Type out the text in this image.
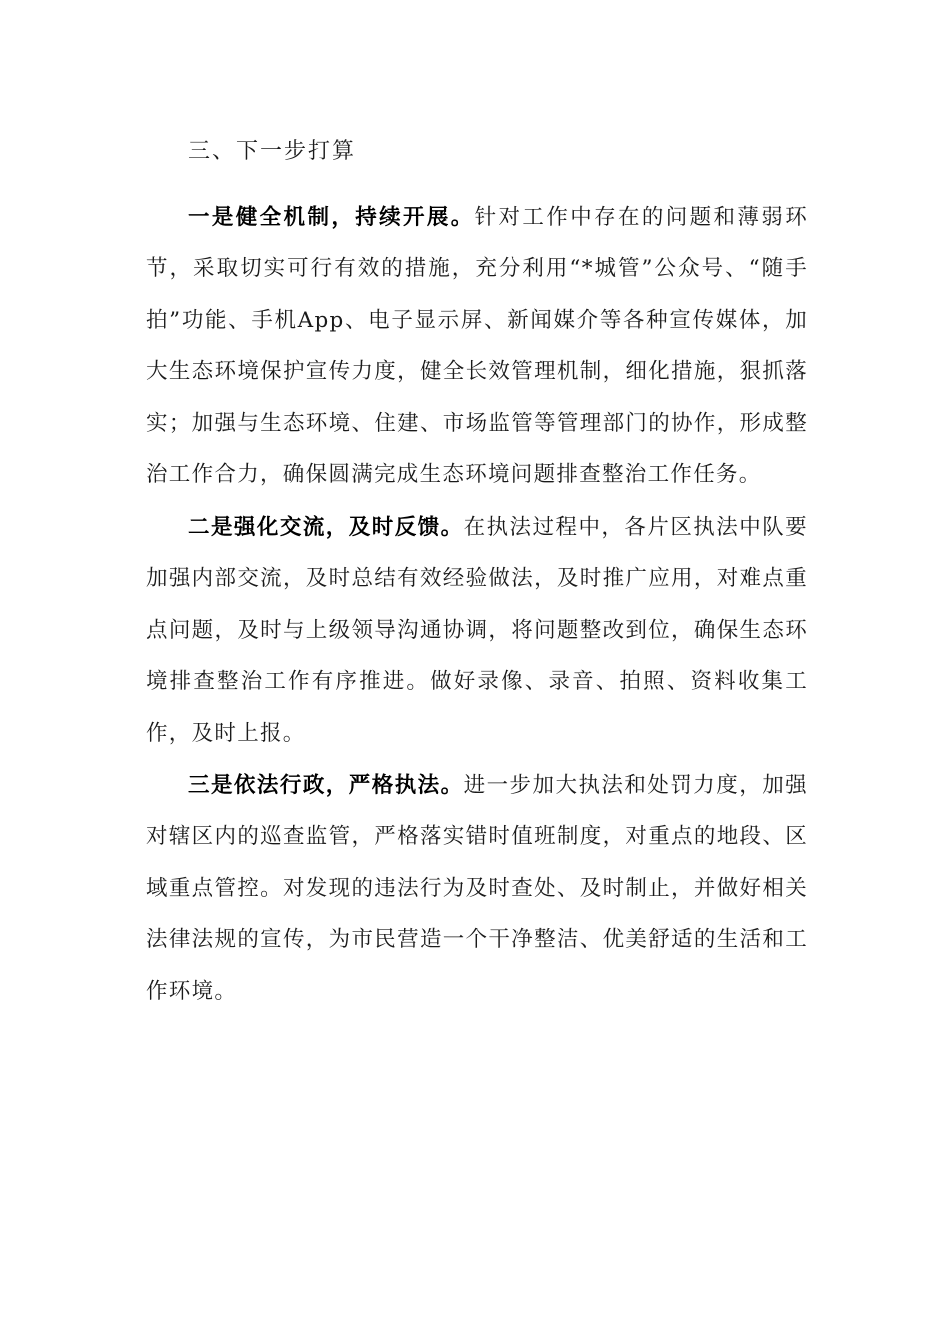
三、下一步打算

一是健全机制，持续开展。针对工作中存在的问题和薄弱环节，采取切实可行有效的措施，充分利用“*城管”公众号、“随手拍”功能、手机App、电子显示屏、新闻媒介等各种宣传媒体，加大生态环境保护宣传力度，健全长效管理机制，细化措施，狠抓落实；加强与生态环境、住建、市场监管等管理部门的协作，形成整治工作合力，确保圆满完成生态环境问题排查整治工作任务。

二是强化交流，及时反馈。在执法过程中，各片区执法中队要加强内部交流，及时总结有效经验做法，及时推广应用，对难点重点问题，及时与上级领导沟通协调，将问题整改到位，确保生态环境排查整治工作有序推进。做好录像、录音、拍照、资料收集工作，及时上报。

三是依法行政，严格执法。进一步加大执法和处罚力度，加强对辖区内的巡查监管，严格落实错时值班制度，对重点的地段、区域重点管控。对发现的违法行为及时查处、及时制止，并做好相关法律法规的宣传，为市民营造一个干净整洁、优美舒适的生活和工作环境。
